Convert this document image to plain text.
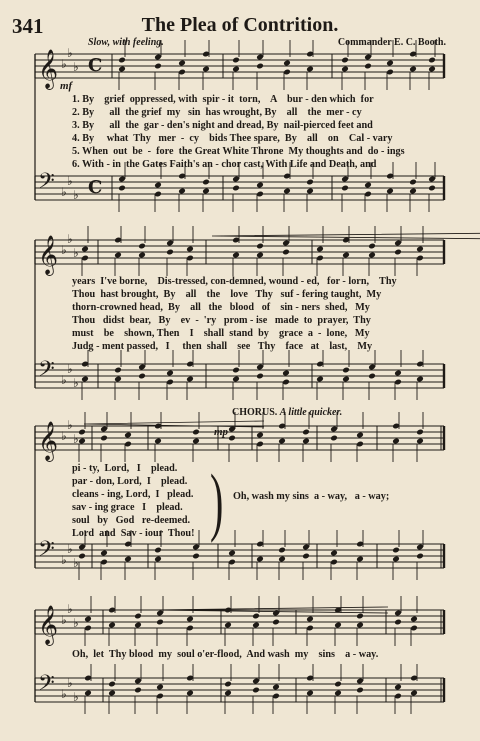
341	The Plea of Contrition.
Slow, with feeling.	Commander E. C. Booth.
𝄞 ♭
♭
♭
𝄢 ♭
♭
♭
𝄞 ♭
♭
♭
𝄢 ♭
♭
♭
𝄞 ♭
♭
♭
𝄢 ♭
♭
♭
𝄞 ♭
♭
♭
𝄢 ♭
♭
♭
C
C
mf
mp
1. By    grief  oppressed, with  spir - it  torn,    A    bur - den which  for
2. By      all  the grief  my   sin  has wrought, By    all    the  mer - cy
3. By      all  the  gar - den's night and dread, By  nail-pierced feet and
4. By     what  Thy   mer  -  cy    bids Thee spare,  By    all    on    Cal - vary
5. When  out  be  -  fore  the Great White Throne  My thoughts and  do - ings
6. With - in  the Gates Faith's an - chor cast, With Life and Death, and
years  I've borne,    Dis-tressed, con-demned, wound - ed,   for - lorn,    Thy
Thou  hast brought,  By    all    the    love   Thy   suf - fering taught,  My
thorn-crowned head,  By    all   the   blood   of    sin - ners  shed,   My
Thou   didst  bear,   By    ev  -  'ry   prom - ise   made  to  prayer,  Thy
must    be    shown, Then    I    shall  stand  by    grace  a  -  lone,   My
Judg - ment passed,   I     then  shall    see   Thy    face   at    last,    My
CHORUS. A little quicker.
pi - ty,  Lord,   I    plead.
par - don, Lord,  I    plead.
cleans - ing, Lord,  I   plead.
sav - ing grace   I    plead.
soul   by   God   re-deemed.
Lord  and  Sav - iour  Thou! ) Oh, wash my sins  a - way,   a - way;
Oh,  let  Thy blood  my  soul o'er-flood,  And wash  my    sins    a - way.
